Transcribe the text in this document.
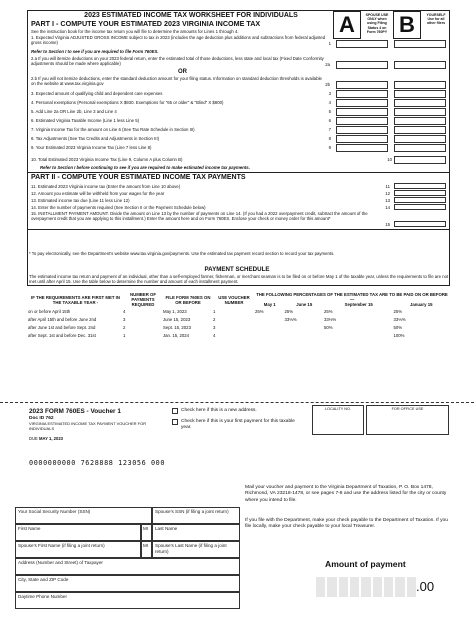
2023 ESTIMATED INCOME TAX WORKSHEET FOR INDIVIDUALS
PART I - COMPUTE YOUR ESTIMATED 2023 VIRGINIA INCOME TAX	A	SPOUSE USE ONLY when using Filing Status 4 on Form 760PY B	YOURSELF Use for all other filers
See the instruction book for the income tax return you will file to determine the amounts for Lines 1 through 4.
1. Expected Virginia ADJUSTED GROSS INCOME subject to tax in 2023 (includes the age deduction plus additions and subtractions from federal adjusted gross income)	1
Refer to Section I to see if you are required to file Form 760ES.
2.a If you will itemize deductions on your 2023 federal return, enter the estimated total of those deductions, less state and local tax (Fixed Date Conformity adjustments should be made where applicable)	2a
OR
2.b If you will not itemize deductions, enter the standard deduction amount for your filing status. Information on standard deduction thresholds is available on the website at www.tax.virginia.gov	2b
3. Expected amount of qualifying child and dependent care expenses	3
4. Personal exemptions (Personal exemptions X $930. Exemptions for "65 or older" & "Blind" X $800)	4
5. Add Line 2a OR Line 2b, Line 3 and Line 4	5
6. Estimated Virginia Taxable Income (Line 1 less Line 5)	6
7. Virginia Income Tax for the amount on Line 6 (See Tax Rate Schedule in Section III)	7
8. Tax Adjustments (See Tax Credits and Adjustments in Section III)	8
9. Your Estimated 2023 Virginia Income Tax (Line 7 less Line 8)	9
10. Total Estimated 2023 Virginia Income Tax (Line 9, Column A plus Column B)	10
Refer to Section I before continuing to see if you are required to make estimated income tax payments.
PART II - COMPUTE YOUR ESTIMATED INCOME TAX PAYMENTS
11. Estimated 2023 Virginia income tax (Enter the amount from Line 10 above)	11
12. Amount you estimate will be withheld from your wages for the year	12
13. Estimated income tax due (Line 11 less Line 12)	13
14. Enter the number of payments required (See Section II or the Payment Schedule below)	14
15. INSTALLMENT PAYMENT AMOUNT. Divide the amount on Line 13 by the number of payments on Line 14. (If you had a 2022 overpayment credit, subtract the amount of the overpayment credit that you are applying to this installment.) Enter the amount here and on Form 760ES. Enclose your check or money order for this amount*
15
* To pay electronically, see the Department's website www.tax.virginia.gov/payments. Use the estimated tax payment record section to record your tax payments.
PAYMENT SCHEDULE
The estimated income tax return and payment of an individual, other than a self-employed farmer, fisherman, or merchant seaman is to be filed on or before May 1 of the taxable year, unless the requirements to file are not met until after April 15. Use the table below to determine the number and amount of each installment payment.
IF THE REQUIREMENTS ARE FIRST MET IN THE TAXABLE YEAR -	NUMBER OF PAYMENTS REQUIRED	FILE FORM 760ES ON OR BEFORE	USE VOUCHER NUMBER	THE FOLLOWING PERCENTAGES OF THE ESTIMATED TAX ARE TO BE PAID ON OR BEFORE —			
				May 1	June 15	September 15	January 15
on or before April 15th	4	May 1, 2023	1	25%	25%	25%	25%
after April 15th and before June 2nd	3	June 15, 2023	2		33⅓%	33⅓%	33⅓%
after June 1st and before Sept. 2nd	2	Sept. 15, 2023	3			50%	50%
after Sept. 1st and before Dec. 31st	1	Jan. 15, 2024	4				100%
2023 FORM 760ES - Voucher 1
Doc ID 762
VIRGINIA ESTIMATED INCOME TAX PAYMENT VOUCHER FOR INDIVIDUALS
DUE MAY 1, 2023
Check here if this is a new address.
Check here if this is your first payment for this taxable year.
LOCALITY NO.	FOR OFFICE USE
0000000000 7628888 123056 000
Mail your voucher and payment to the Virginia Department of Taxation, P. O. Box 1478, Richmond, VA 23218-1478, or see pages 7-8 and use the address listed for the city or county where you intend to file.
If you file with the Department, make your check payable to the Department of Taxation. If you file locally, make your check payable to your local Treasurer.
Your Social Security Number (SSN)	Spouse's SSN (if filing a joint return)
First Name	MI Last Name
Spouse's First Name (if filing a joint return)	MI Spouse's Last Name (if filing a joint return)
Address (Number and Street) of Taxpayer
City, State and ZIP Code
Daytime Phone Number
Amount of payment
.00
